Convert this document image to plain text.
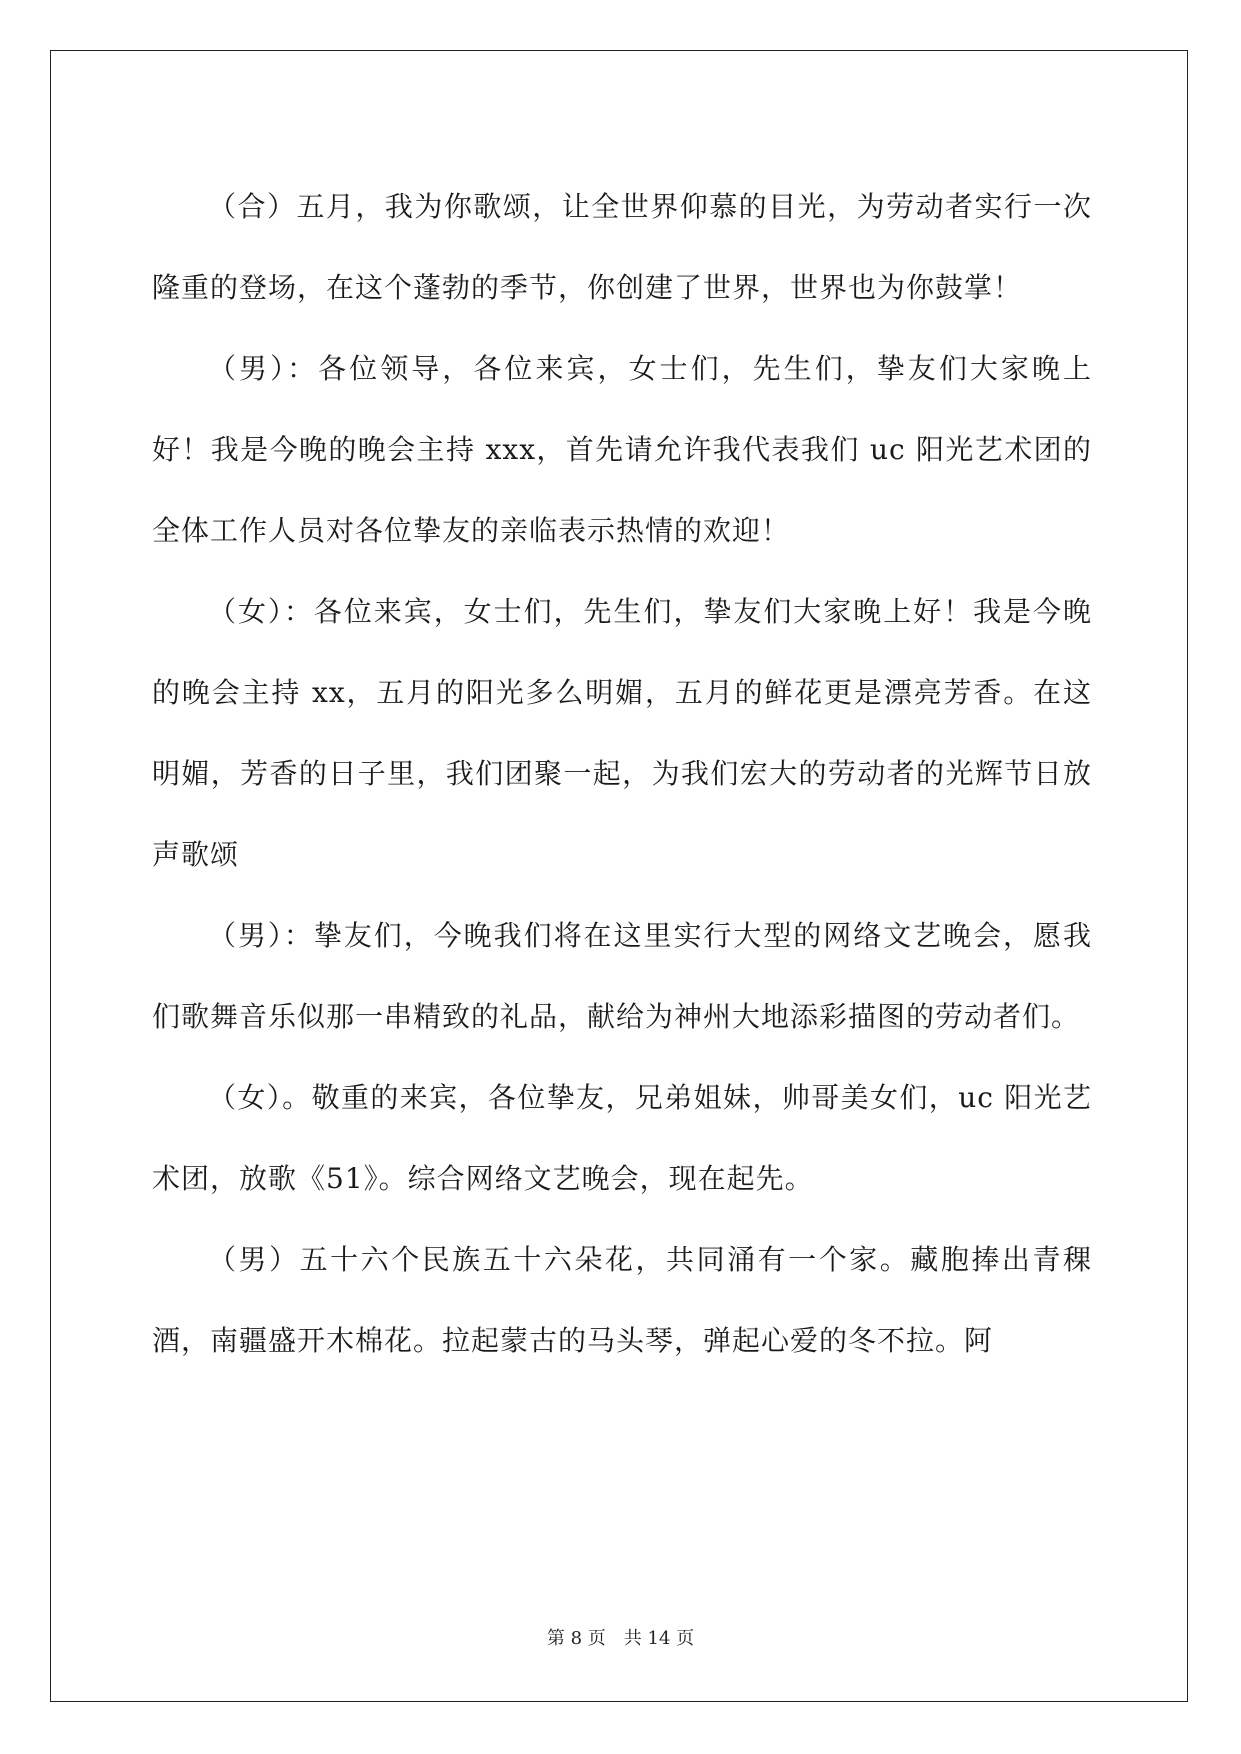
（合）五月，我为你歌颂，让全世界仰慕的目光，为劳动者实行一次隆重的登场，在这个蓬勃的季节，你创建了世界，世界也为你鼓掌！

（男）：各位领导，各位来宾，女士们，先生们，挚友们大家晚上好！我是今晚的晚会主持 xxx，首先请允许我代表我们 uc 阳光艺术团的全体工作人员对各位挚友的亲临表示热情的欢迎！

（女）：各位来宾，女士们，先生们，挚友们大家晚上好！我是今晚的晚会主持 xx，五月的阳光多么明媚，五月的鲜花更是漂亮芳香。在这明媚，芳香的日子里，我们团聚一起，为我们宏大的劳动者的光辉节日放声歌颂

（男）：挚友们，今晚我们将在这里实行大型的网络文艺晚会，愿我们歌舞音乐似那一串精致的礼品，献给为神州大地添彩描图的劳动者们。

（女）。敬重的来宾，各位挚友，兄弟姐妹，帅哥美女们，uc 阳光艺术团，放歌《51》。综合网络文艺晚会，现在起先。

（男）五十六个民族五十六朵花，共同涌有一个家。藏胞捧出青稞酒，南疆盛开木棉花。拉起蒙古的马头琴，弹起心爱的冬不拉。阿

第 8 页 共 14 页
